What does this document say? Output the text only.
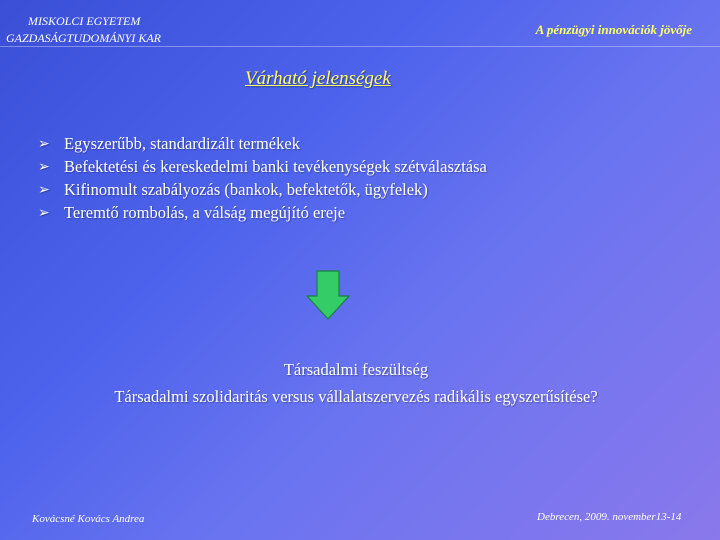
MISKOLCI EGYETEM
GAZDASÁGTUDOMÁNYI KAR
A pénzügyi innovációk jövője
Várható jelenségek
➢ Egyszerűbb, standardizált termékek
➢ Befektetési és kereskedelmi banki tevékenységek szétválasztása
➢ Kifinomult szabályozás (bankok, befektetők, ügyfelek)
➢ Teremtő rombolás, a válság megújító ereje
Társadalmi feszültség
Társadalmi szolidaritás versus vállalatszervezés radikális egyszerűsítése?
Kovácsné Kovács Andrea	Debrecen, 2009. november13-14
